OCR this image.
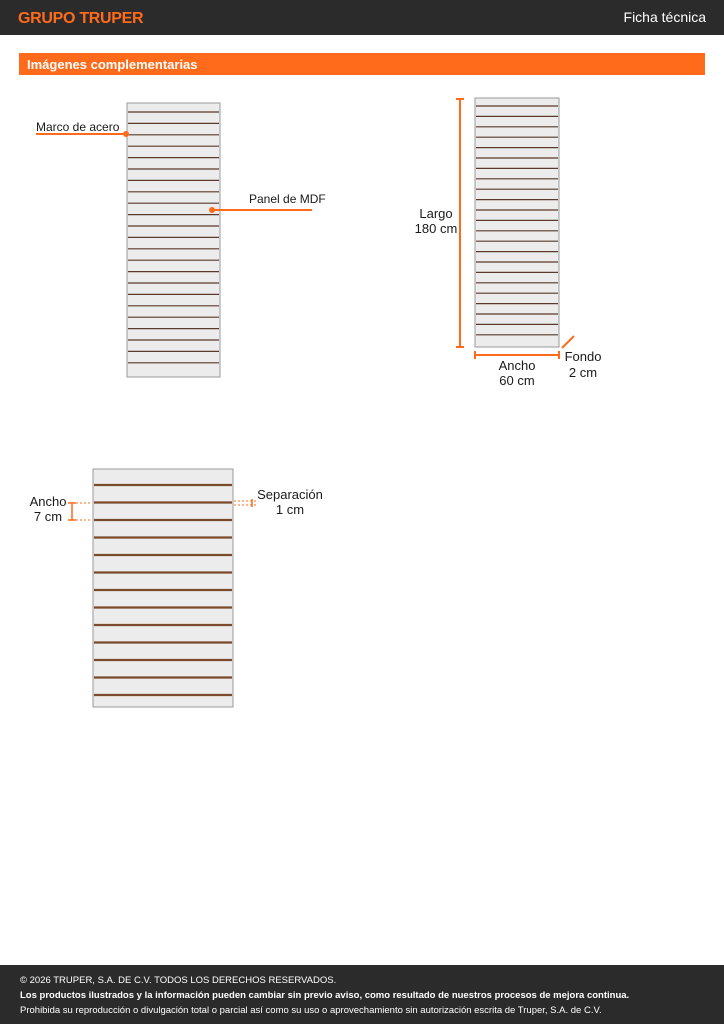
GRUPO TRUPER	Ficha técnica
Imágenes complementarias
Marco de acero
Panel de MDF
Largo
180 cm
Ancho
60 cm
Fondo
2 cm
Ancho
7 cm
Separación
1 cm
© 2026 TRUPER, S.A. DE C.V. TODOS LOS DERECHOS RESERVADOS.
Los productos ilustrados y la información pueden cambiar sin previo aviso, como resultado de nuestros procesos de mejora continua.
Prohibida su reproducción o divulgación total o parcial así como su uso o aprovechamiento sin autorización escrita de Truper, S.A. de C.V.
